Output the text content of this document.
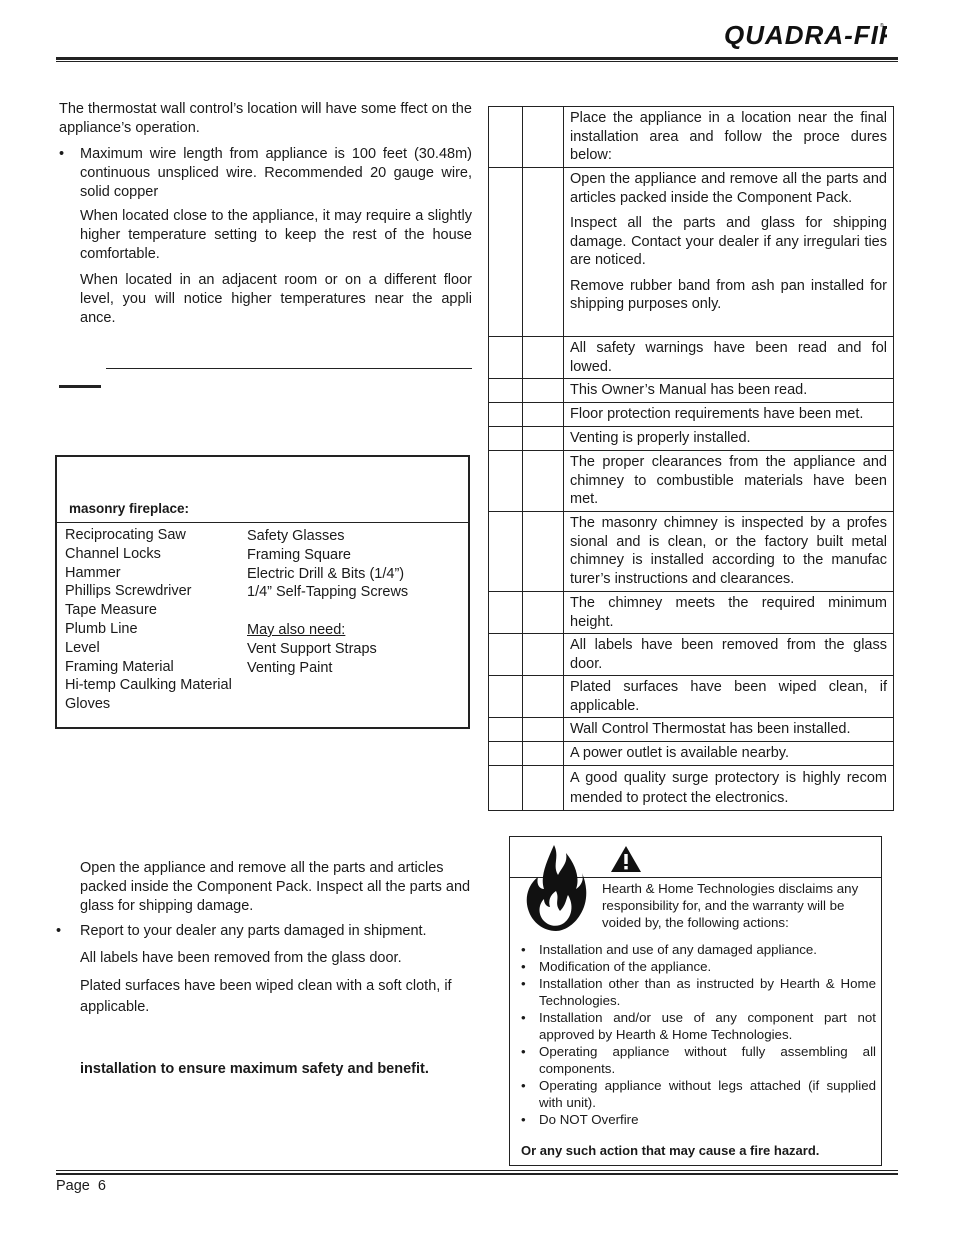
QUADRA-FI ®
The thermostat wall control’s location will have some ffect on the appliance’s operation.
• Maximum wire length from appliance is 100 feet (30.48m) continuous unspliced wire. Recommended 20 gauge wire, solid copper
When located close to the appliance, it may require a slightly higher temperature setting to keep the rest of the house comfortable.
When located in an adjacent room or on a different floor level, you will notice higher temperatures near the appli ance.
masonry fireplace:
Reciprocating Saw
Channel Locks
Hammer
Phillips Screwdriver
Tape Measure
Plumb Line
Level
Framing Material
Hi-temp Caulking Material
Gloves
Safety Glasses
Framing Square
Electric Drill & Bits (1/4”)
1/4” Self-Tapping Screws
May also need:
Vent Support Straps
Venting Paint
Open the appliance and remove all the parts and articles packed inside the Component Pack. Inspect all the parts and glass for shipping damage.
• Report to your dealer any parts damaged in shipment.
All labels have been removed from the glass door.
Plated surfaces have been wiped clean with a soft cloth, if applicable.
installation to ensure maximum safety and benefit.

		Place the appliance in a location near the final installation area and follow the proce dures below:

		Open the appliance and remove all the parts and articles packed inside the Component Pack.

Inspect all the parts and glass for shipping damage. Contact your dealer if any irregulari ties are noticed.

Remove rubber band from ash pan installed for shipping purposes only.

		All safety warnings have been read and fol lowed.

		This Owner’s Manual has been read.

		Floor protection requirements have been met.

		Venting is properly installed.

		The proper clearances from the appliance and chimney to combustible materials have been met.

		The masonry chimney is inspected by a profes sional and is clean, or the factory built metal chimney is installed according to the manufac turer’s instructions and clearances.

		The chimney meets the required minimum height.

		All labels have been removed from the glass door.

		Plated surfaces have been wiped clean, if applicable.

		Wall Control Thermostat has been installed.

		A power outlet is available nearby.

		A good quality surge protectory is highly recom mended to protect the electronics.

Hearth & Home Technologies disclaims any responsibility for, and the warranty will be voided by, the following actions:
• Installation and use of any damaged appliance.
• Modification of the appliance.
• Installation other than as instructed by Hearth & Home Technologies.
• Installation and/or use of any component part not approved by Hearth & Home Technologies.
• Operating appliance without fully assembling all components.
• Operating appliance without legs attached (if supplied with unit).
• Do NOT Overfire
Or any such action that may cause a fire hazard.
Page  6
